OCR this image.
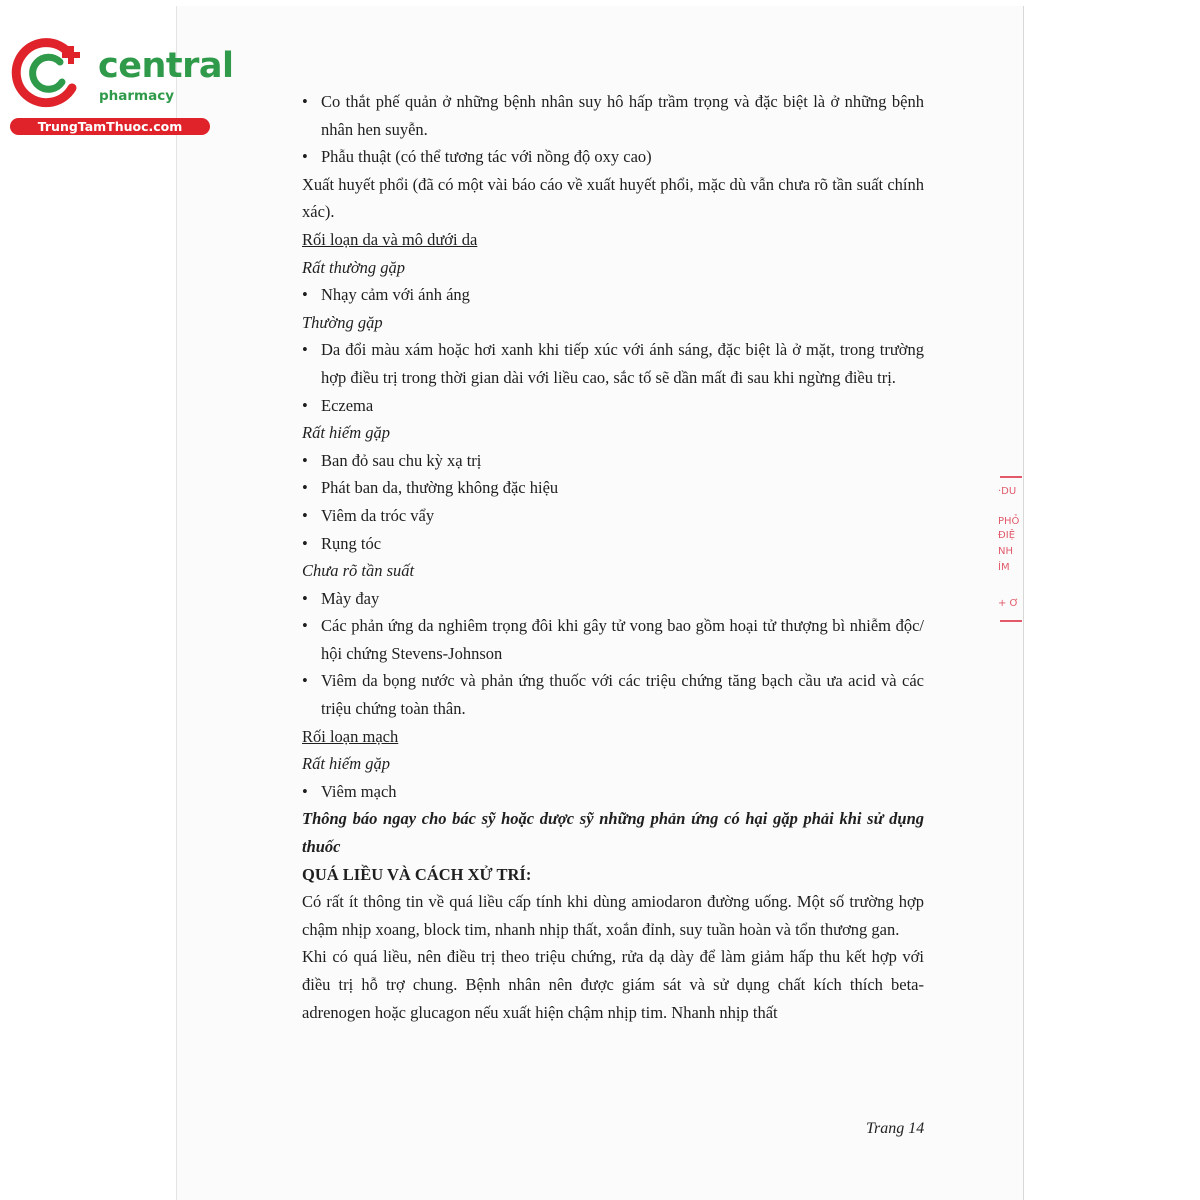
central
pharmacy
TrungTamThuoc.com
·DU
PHỎ
ĐIỆ
NH
ÍM
+ Ơ
• Co thắt phế quản ở những bệnh nhân suy hô hấp trầm trọng và đặc biệt là ở những bệnh nhân hen suyễn.
• Phẫu thuật (có thể tương tác với nồng độ oxy cao)

Xuất huyết phổi (đã có một vài báo cáo về xuất huyết phổi, mặc dù vẫn chưa rõ tần suất chính xác).

Rối loạn da và mô dưới da

Rất thường gặp

• Nhạy cảm với ánh áng

Thường gặp

• Da đổi màu xám hoặc hơi xanh khi tiếp xúc với ánh sáng, đặc biệt là ở mặt, trong trường hợp điều trị trong thời gian dài với liều cao, sắc tố sẽ dần mất đi sau khi ngừng điều trị.
• Eczema

Rất hiếm gặp

• Ban đỏ sau chu kỳ xạ trị
• Phát ban da, thường không đặc hiệu
• Viêm da tróc vẩy
• Rụng tóc

Chưa rõ tần suất

• Mày đay
• Các phản ứng da nghiêm trọng đôi khi gây tử vong bao gồm hoại tử thượng bì nhiễm độc/ hội chứng Stevens-Johnson
• Viêm da bọng nước và phản ứng thuốc với các triệu chứng tăng bạch cầu ưa acid và các triệu chứng toàn thân.

Rối loạn mạch

Rất hiếm gặp

• Viêm mạch

Thông báo ngay cho bác sỹ hoặc dược sỹ những phản ứng có hại gặp phải khi sử dụng thuốc

QUÁ LIỀU VÀ CÁCH XỬ TRÍ:

Có rất ít thông tin về quá liều cấp tính khi dùng amiodaron đường uống. Một số trường hợp chậm nhịp xoang, block tim, nhanh nhịp thất, xoắn đỉnh, suy tuần hoàn và tổn thương gan.

Khi có quá liều, nên điều trị theo triệu chứng, rửa dạ dày để làm giảm hấp thu kết hợp với điều trị hỗ trợ chung. Bệnh nhân nên được giám sát và sử dụng chất kích thích beta-adrenogen hoặc glucagon nếu xuất hiện chậm nhịp tim. Nhanh nhịp thất

Trang 14
